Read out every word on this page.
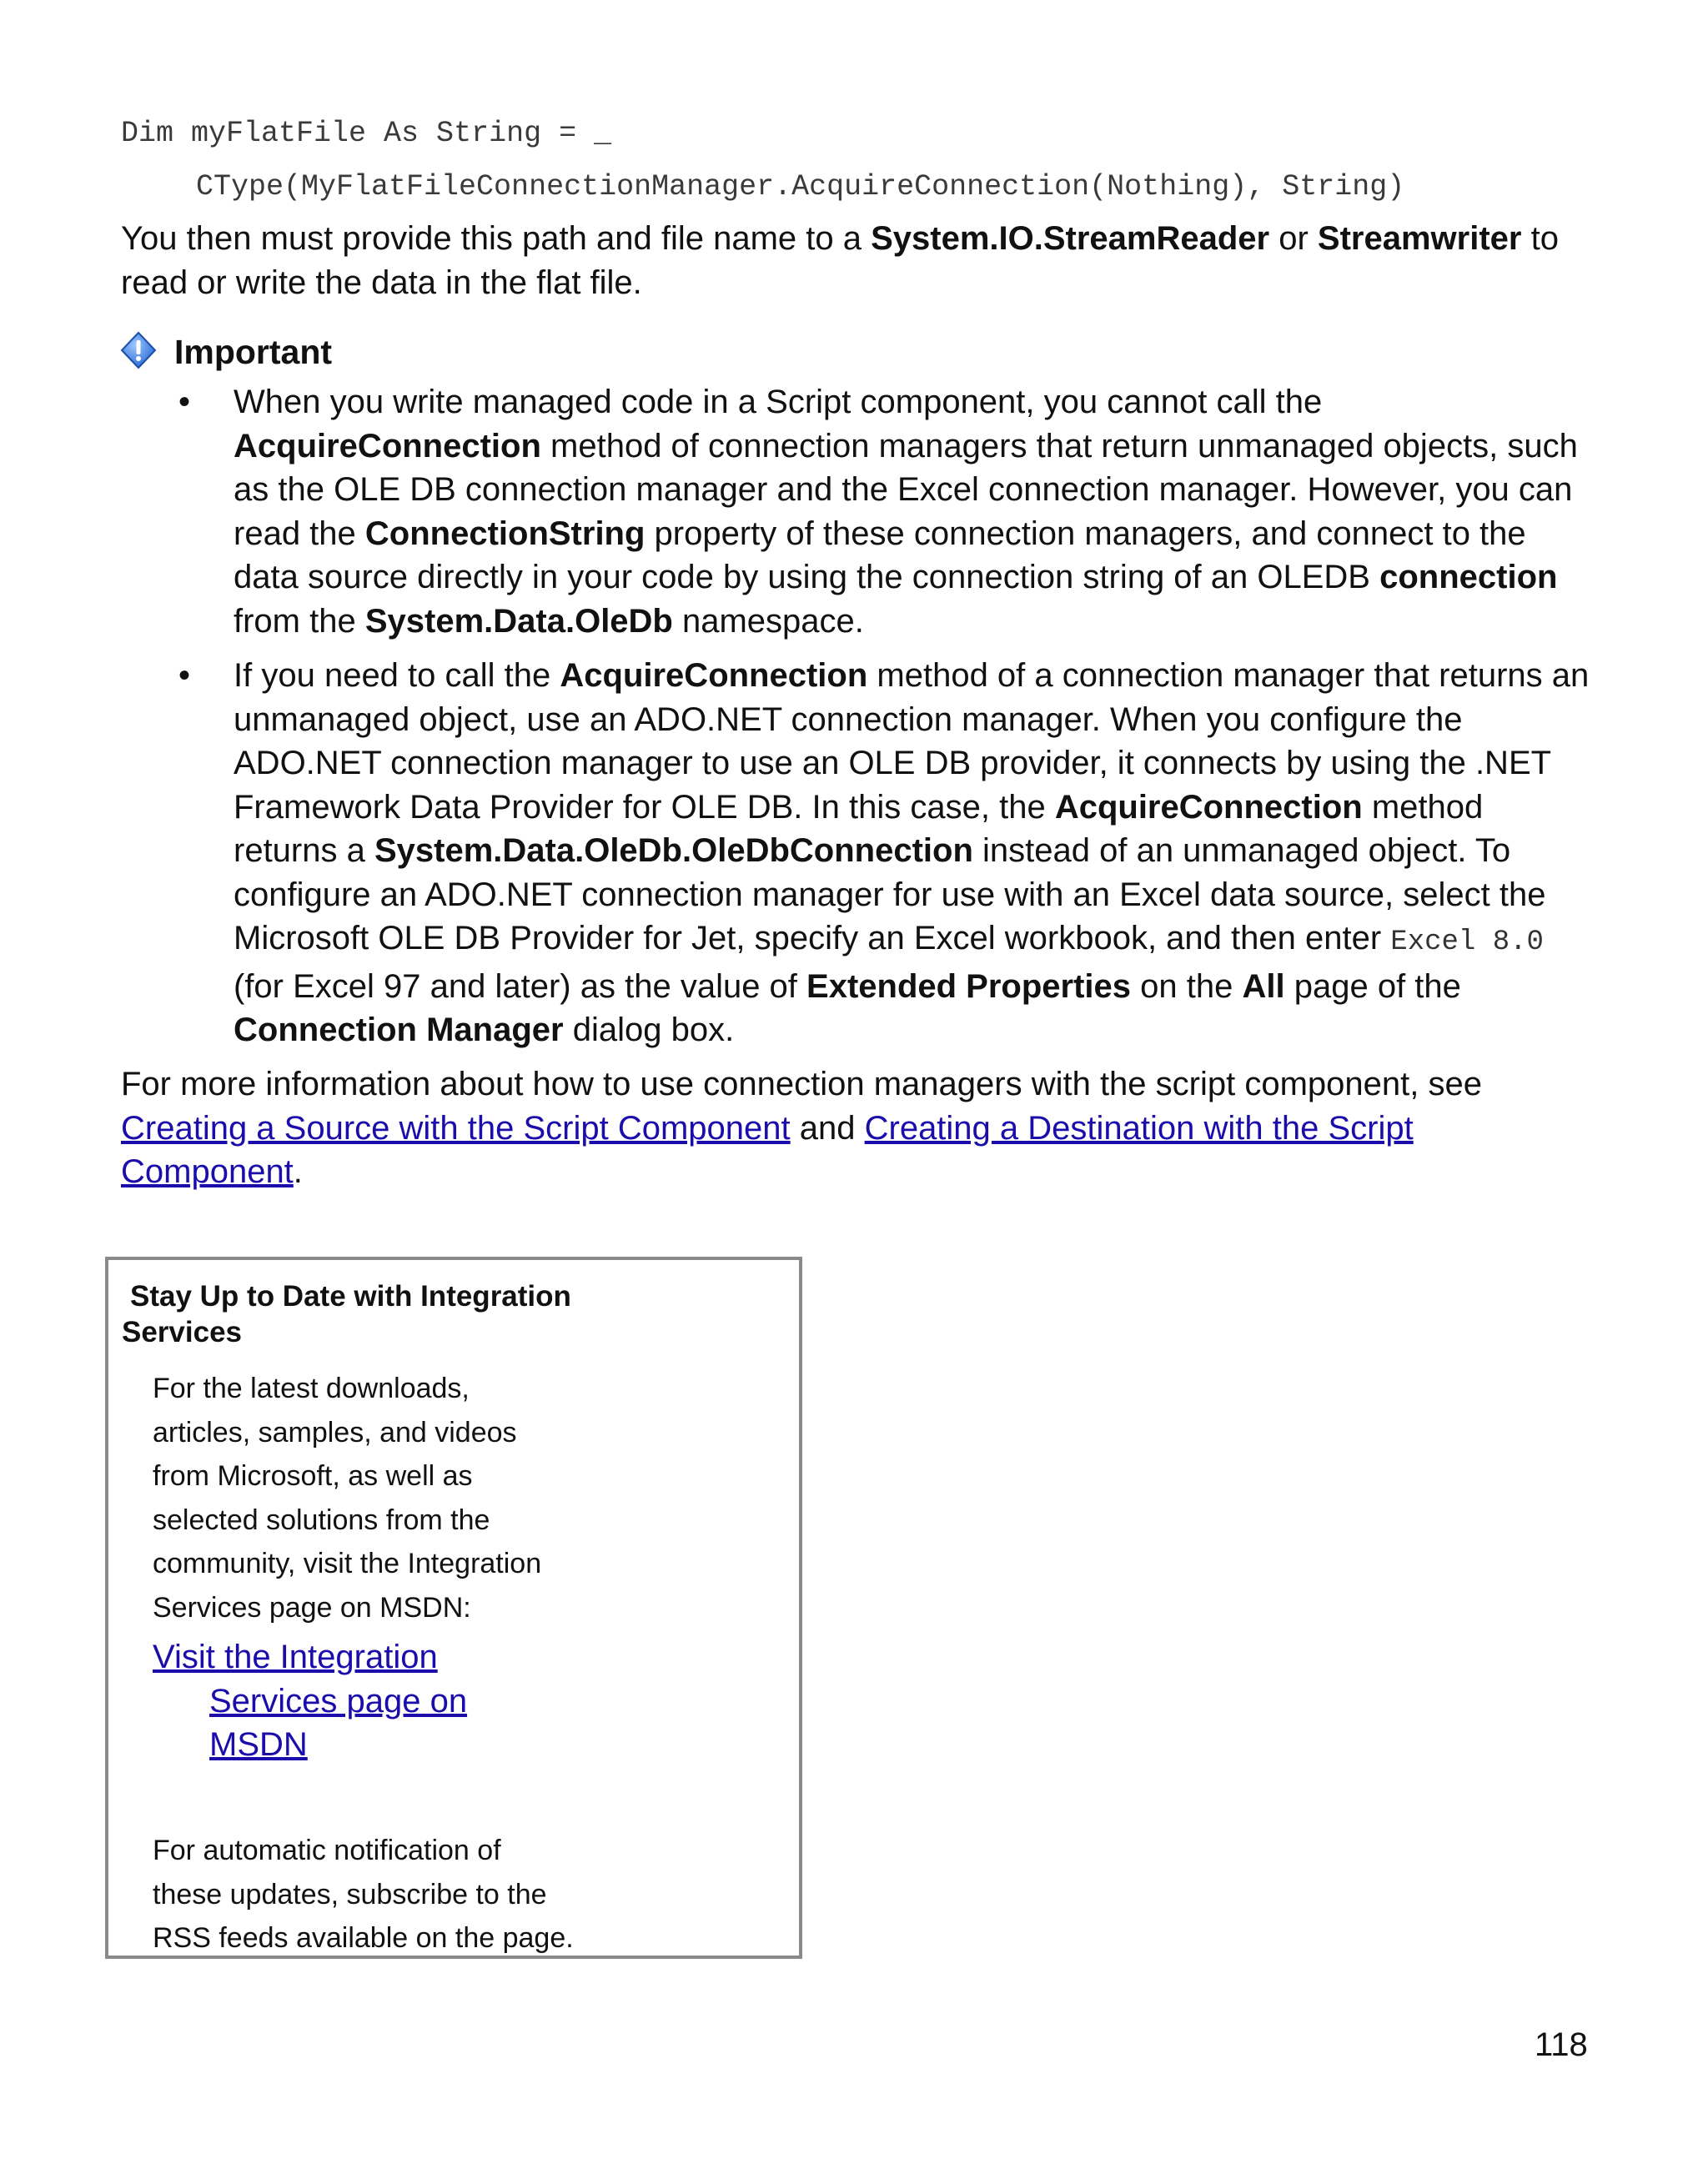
Dim myFlatFile As String = _
CType(MyFlatFileConnectionManager.AcquireConnection(Nothing), String)

You then must provide this path and file name to a System.IO.StreamReader or Streamwriter to read or write the data in the flat file.

Important
• When you write managed code in a Script component, you cannot call the AcquireConnection method of connection managers that return unmanaged objects, such as the OLE DB connection manager and the Excel connection manager. However, you can read the ConnectionString property of these connection managers, and connect to the data source directly in your code by using the connection string of an OLEDB connection from the System.Data.OleDb namespace.
• If you need to call the AcquireConnection method of a connection manager that returns an unmanaged object, use an ADO.NET connection manager. When you configure the ADO.NET connection manager to use an OLE DB provider, it connects by using the .NET Framework Data Provider for OLE DB. In this case, the AcquireConnection method returns a System.Data.OleDb.OleDbConnection instead of an unmanaged object. To configure an ADO.NET connection manager for use with an Excel data source, select the Microsoft OLE DB Provider for Jet, specify an Excel workbook, and then enter Excel 8.0 (for Excel 97 and later) as the value of Extended Properties on the All page of the Connection Manager dialog box.

For more information about how to use connection managers with the script component, see Creating a Source with the Script Component and Creating a Destination with the Script Component.

Stay Up to Date with Integration
Services
For the latest downloads,
articles, samples, and videos
from Microsoft, as well as
selected solutions from the
community, visit the Integration
Services page on MSDN:
Visit the Integration
Services page on
MSDN
For automatic notification of
these updates, subscribe to the
RSS feeds available on the page.
118
